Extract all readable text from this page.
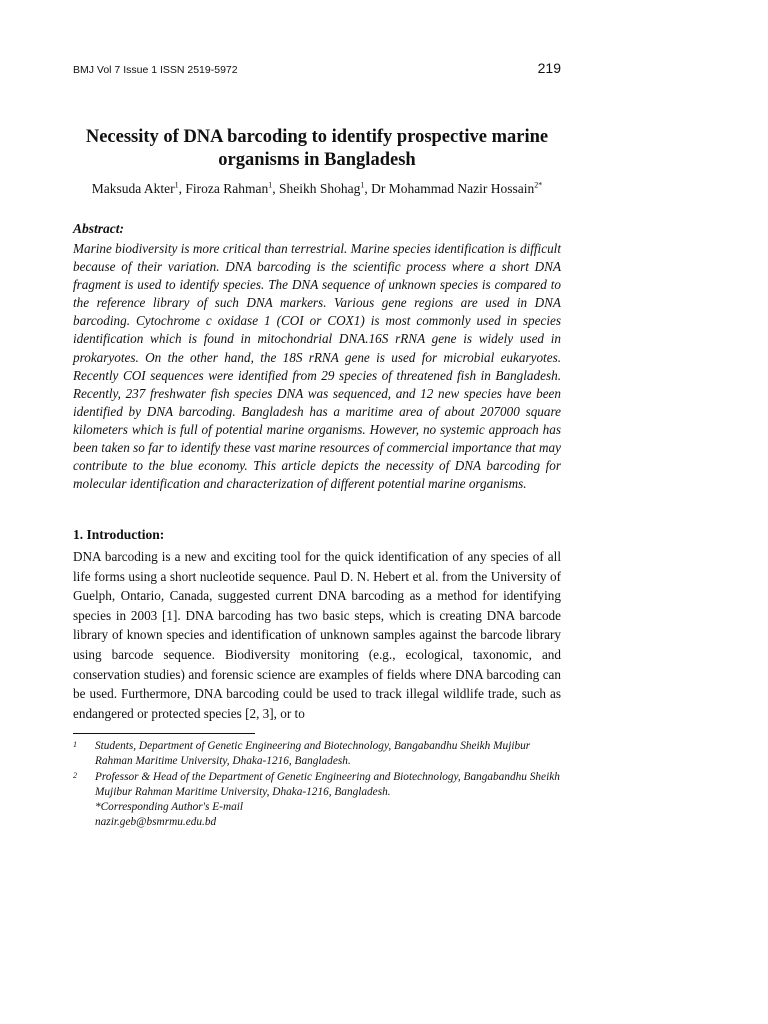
BMJ Vol 7 Issue 1 ISSN 2519-5972	219
Necessity of DNA barcoding to identify prospective marine organisms in Bangladesh
Maksuda Akter$^1$, Firoza Rahman$^1$, Sheikh Shohag$^1$, Dr Mohammad Nazir Hossain$^{2*}$
Abstract:

Marine biodiversity is more critical than terrestrial. Marine species identification is difficult because of their variation. DNA barcoding is the scientific process where a short DNA fragment is used to identify species. The DNA sequence of unknown species is compared to the reference library of such DNA markers. Various gene regions are used in DNA barcoding. Cytochrome c oxidase 1 (COI or COX1) is most commonly used in species identification which is found in mitochondrial DNA.16S rRNA gene is widely used in prokaryotes. On the other hand, the 18S rRNA gene is used for microbial eukaryotes. Recently COI sequences were identified from 29 species of threatened fish in Bangladesh. Recently, 237 freshwater fish species DNA was sequenced, and 12 new species have been identified by DNA barcoding. Bangladesh has a maritime area of about 207000 square kilometers which is full of potential marine organisms. However, no systemic approach has been taken so far to identify these vast marine resources of commercial importance that may contribute to the blue economy. This article depicts the necessity of DNA barcoding for molecular identification and characterization of different potential marine organisms.

1. Introduction:

DNA barcoding is a new and exciting tool for the quick identification of any species of all life forms using a short nucleotide sequence. Paul D. N. Hebert et al. from the University of Guelph, Ontario, Canada, suggested current DNA barcoding as a method for identifying species in 2003 [1]. DNA barcoding has two basic steps, which is creating DNA barcode library of known species and identification of unknown samples against the barcode library using barcode sequence. Biodiversity monitoring (e.g., ecological, taxonomic, and conservation studies) and forensic science are examples of fields where DNA barcoding can be used. Furthermore, DNA barcoding could be used to track illegal wildlife trade, such as endangered or protected species [2, 3], or to

1	Students, Department of Genetic Engineering and Biotechnology, Bangabandhu Sheikh Mujibur Rahman Maritime University, Dhaka-1216, Bangladesh.
2	Professor & Head of the Department of Genetic Engineering and Biotechnology, Bangabandhu Sheikh Mujibur Rahman Maritime University, Dhaka-1216, Bangladesh.
*Corresponding Author's E-mail
nazir.geb@bsmrmu.edu.bd
